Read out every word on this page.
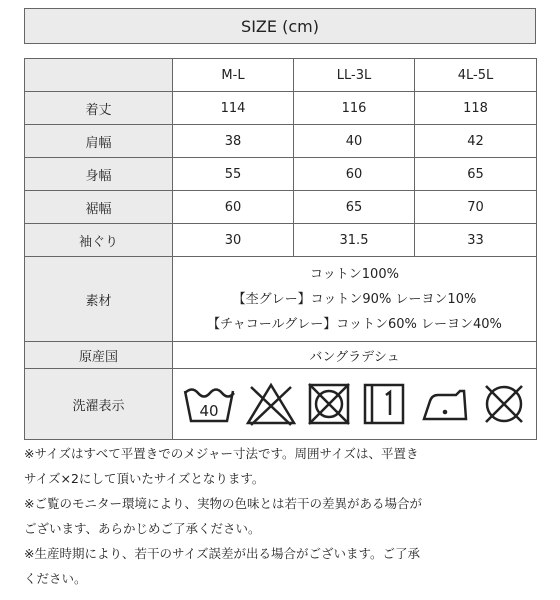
SIZE (cm)
	M-L	LL-3L	4L-5L
着丈	114	116	118
肩幅	38	40	42
身幅	55	60	65
裾幅	60	65	70
袖ぐり	30	31.5	33
素材	コットン100%
【杢グレー】コットン90% レーヨン10%
【チャコールグレー】コットン60% レーヨン40%		

原産国	バングラデシュ		
洗濯表示	40		

※サイズはすべて平置きでのメジャー寸法です。周囲サイズは、平置き

サイズ×2にして頂いたサイズとなります。

※ご覧のモニター環境により、実物の色味とは若干の差異がある場合が

ございます、あらかじめご了承ください。

※生産時期により、若干のサイズ誤差が出る場合がございます。ご了承

ください。
